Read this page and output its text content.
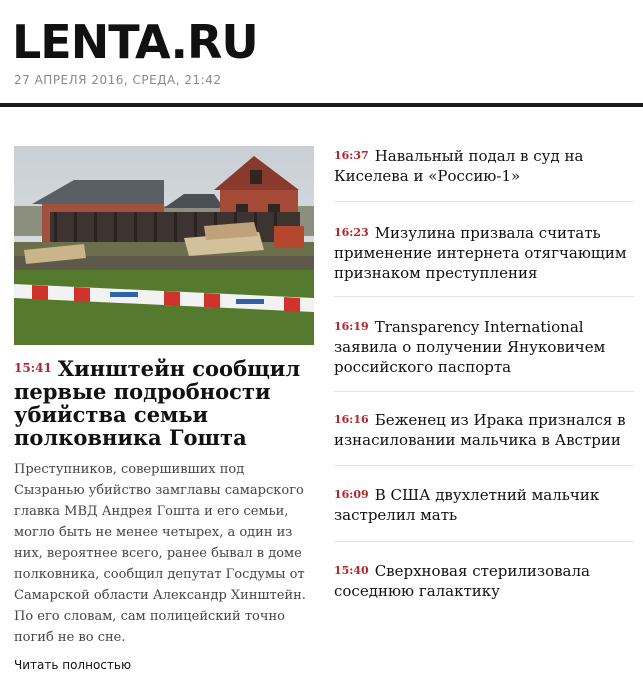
LENTA.RU
27 АПРЕЛЯ 2016, СРЕДА, 21:42
15:41 Хинштейн сообщил первые подробности убийства семьи полковника Гошта
Преступников, совершивших под Сызранью убийство замглавы самарского главка МВД Андрея Гошта и его семьи, могло быть не менее четырех, а один из них, вероятнее всего, ранее бывал в доме полковника, сообщил депутат Госдумы от Самарской области Александр Хинштейн. По его словам, сам полицейский точно погиб не во сне.
Читать полностью
16:37 Навальный подал в суд на Киселева и «Россию-1»
16:23 Мизулина призвала считать применение интернета отягчающим признаком преступления
16:19 Transparency International заявила о получении Януковичем российского паспорта
16:16 Беженец из Ирака признался в изнасиловании мальчика в Австрии
16:09 В США двухлетний мальчик застрелил мать
15:40 Сверхновая стерилизовала соседнюю галактику
